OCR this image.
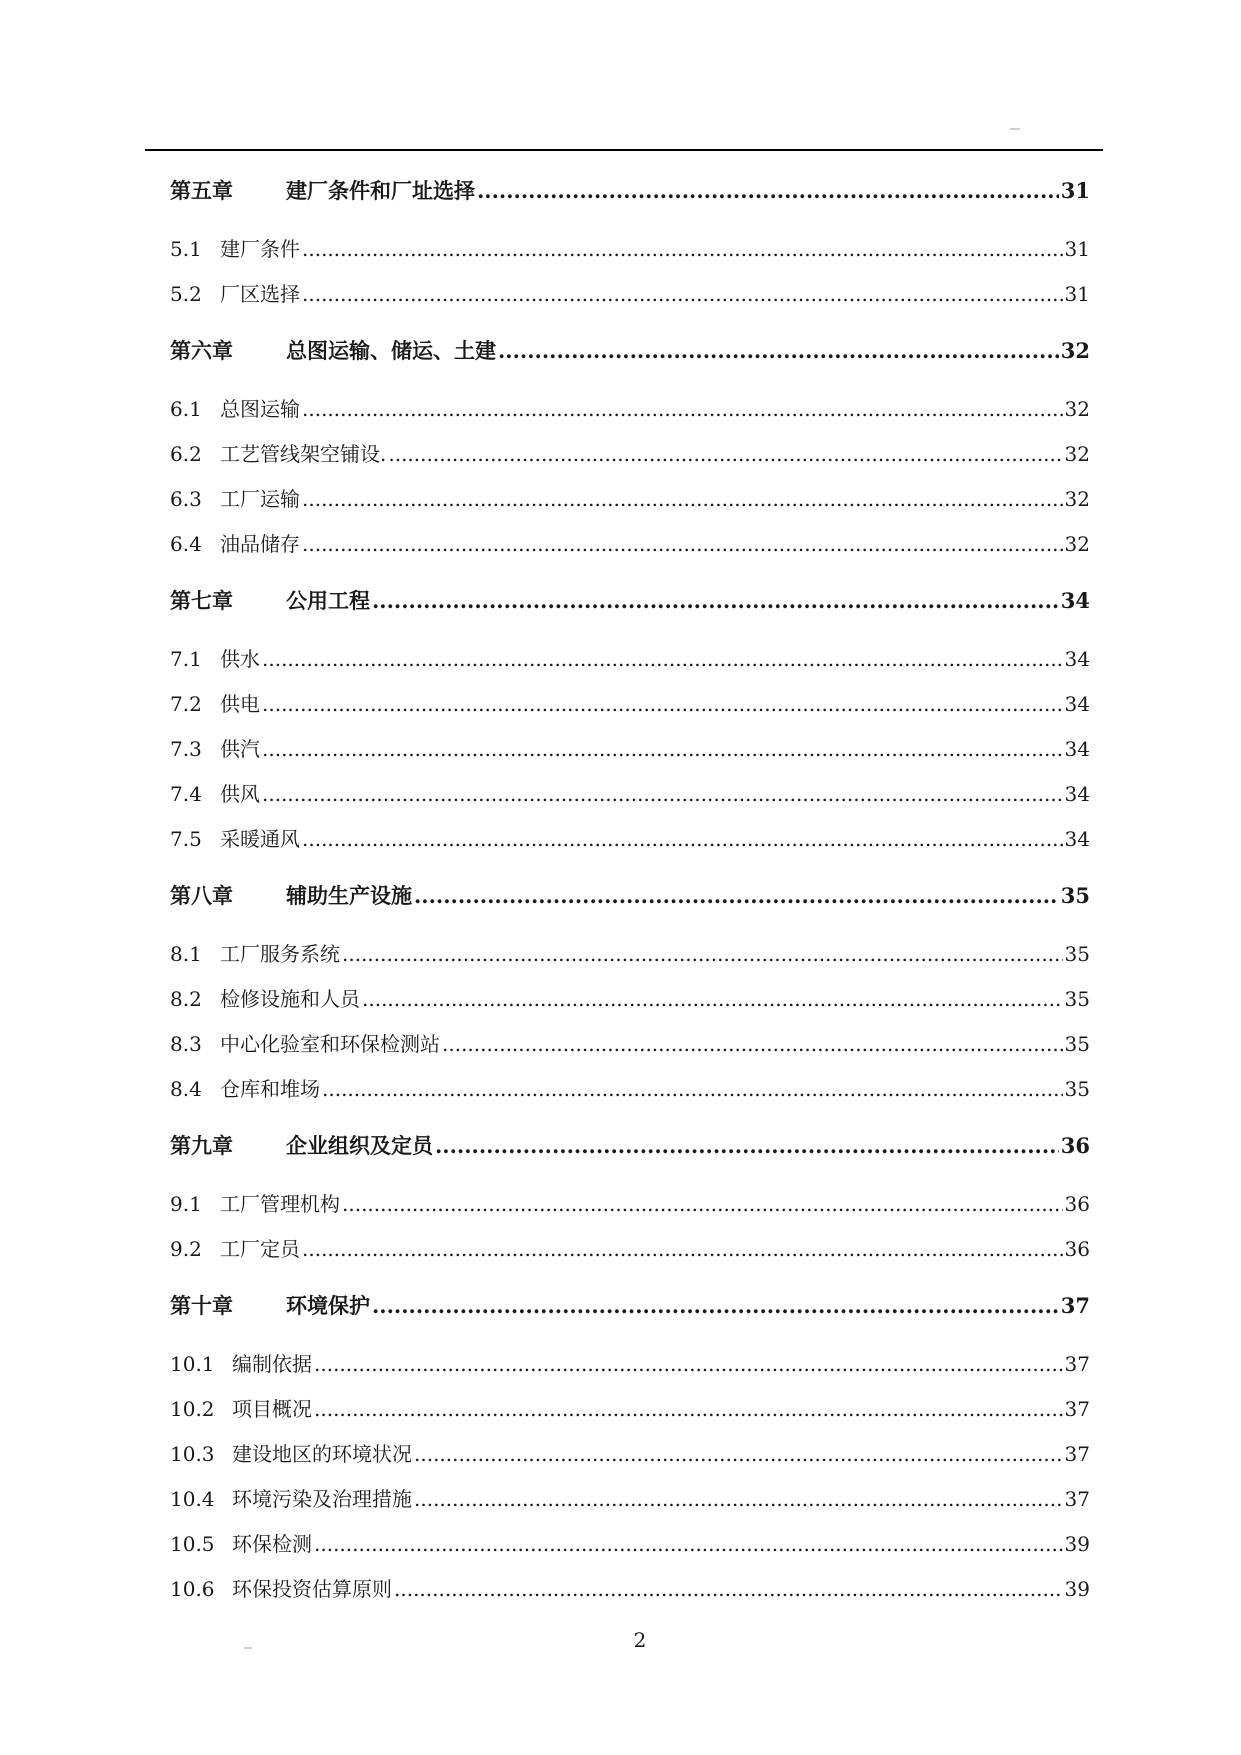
第五章	建厂条件和厂址选择 .....	31
5.1 建厂条件 .....	31
5.2 厂区选择 .....	31
第六章	总图运输、储运、土建 .....	32
6.1 总图运输 .....	32
6.2 工艺管线架空铺设. .....	32
6.3 工厂运输 .....	32
6.4 油品储存 .....	32
第七章	公用工程 .....	34
7.1 供水 .....	34
7.2 供电 .....	34
7.3 供汽 .....	34
7.4 供风 .....	34
7.5 采暖通风 .....	34
第八章	辅助生产设施 .....	35
8.1 工厂服务系统 .....	35
8.2 检修设施和人员 .....	35
8.3 中心化验室和环保检测站 .....	35
8.4 仓库和堆场 .....	35
第九章	企业组织及定员 .....	36
9.1 工厂管理机构 .....	36
9.2 工厂定员 .....	36
第十章	环境保护 .....	37
10.1 编制依据 .....	37
10.2 项目概况 .....	37
10.3 建设地区的环境状况 .....	37
10.4 环境污染及治理措施 .....	37
10.5 环保检测 .....	39
10.6 环保投资估算原则 .....	39
2
